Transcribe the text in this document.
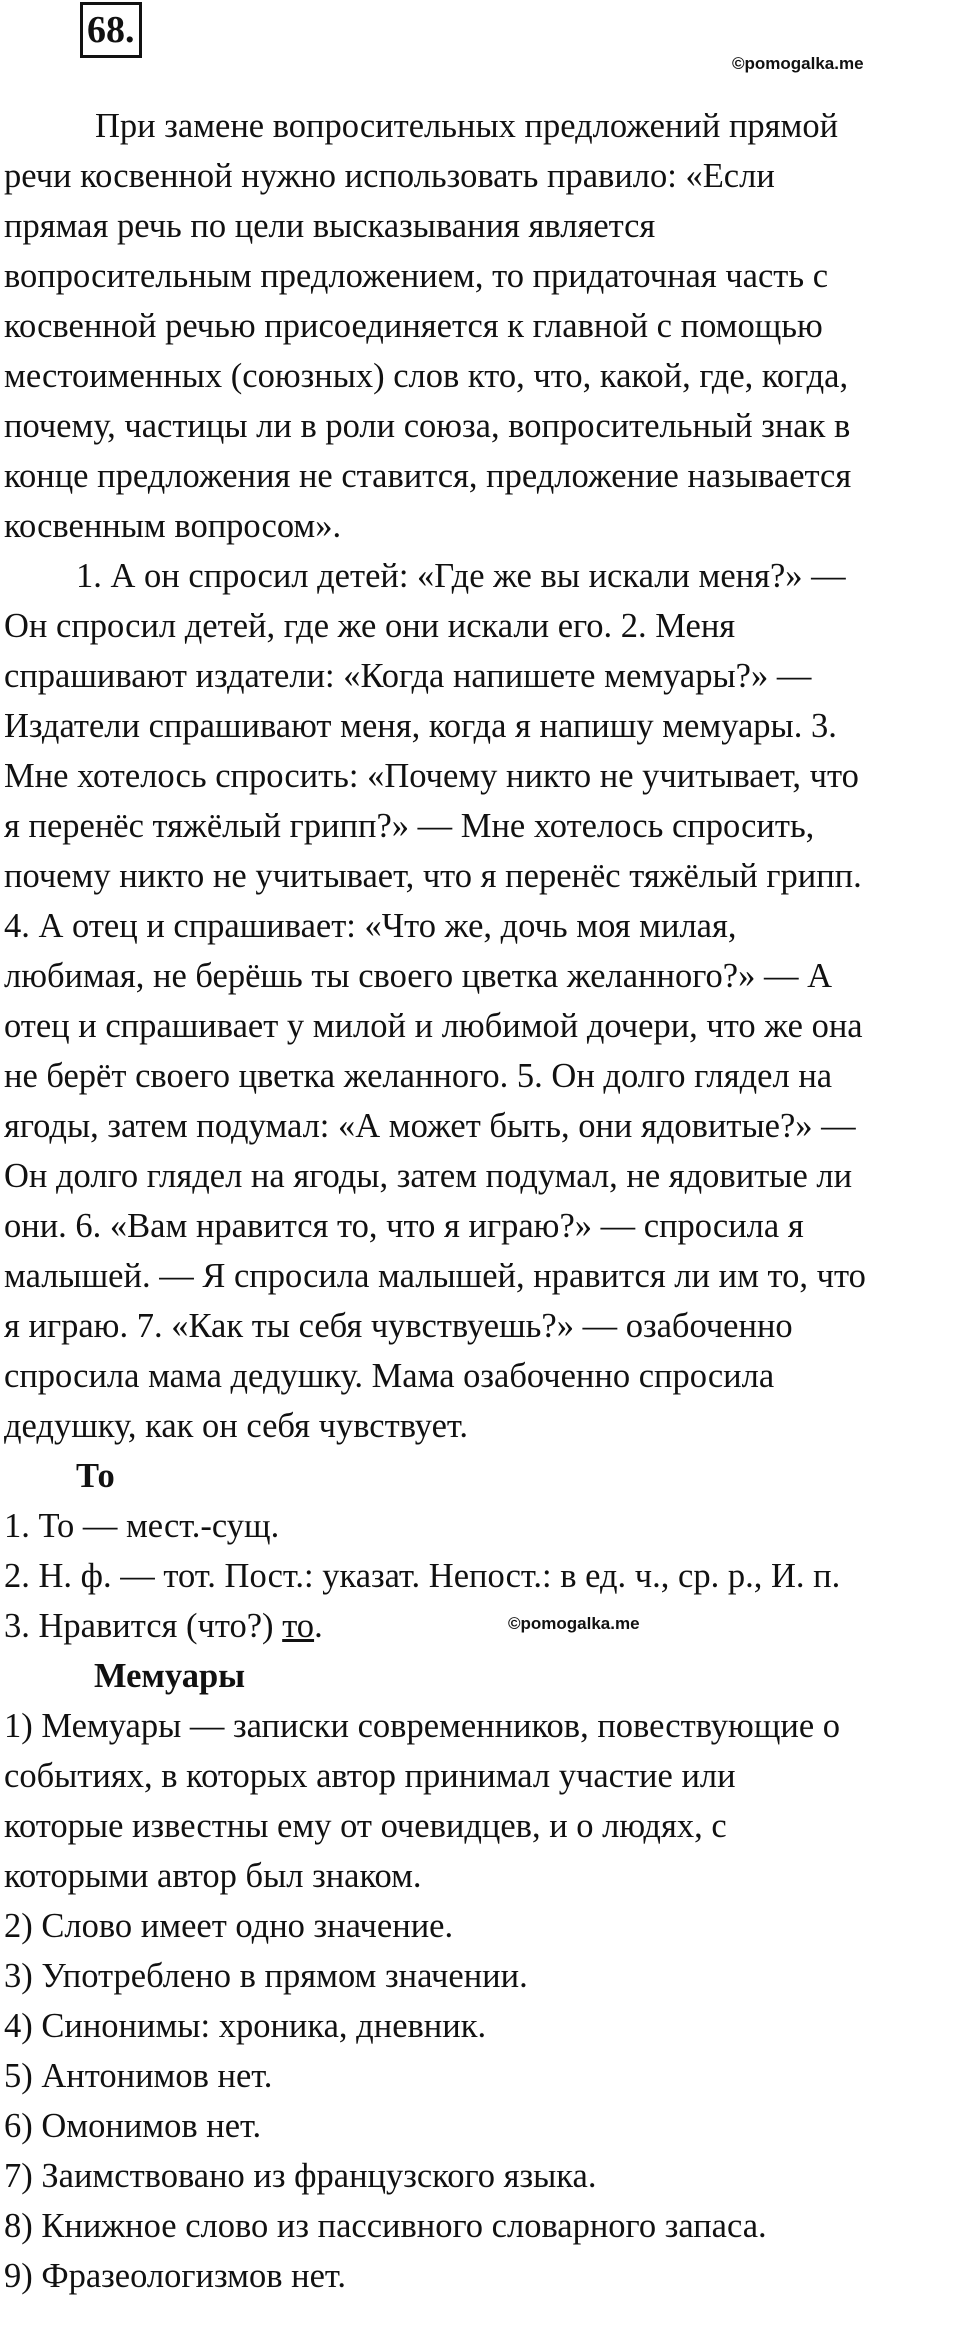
68.
©pomogalka.me
При замене вопросительных предложений прямой
речи косвенной нужно использовать правило: «Если
прямая речь по цели высказывания является
вопросительным предложением, то придаточная часть с
косвенной речью присоединяется к главной с помощью
местоименных (союзных) слов кто, что, какой, где, когда,
почему, частицы ли в роли союза, вопросительный знак в
конце предложения не ставится, предложение называется
косвенным вопросом».
1. А он спросил детей: «Где же вы искали меня?» —
Он спросил детей, где же они искали его. 2. Меня
спрашивают издатели: «Когда напишете мемуары?» —
Издатели спрашивают меня, когда я напишу мемуары. 3.
Мне хотелось спросить: «Почему никто не учитывает, что
я перенёс тяжёлый грипп?» — Мне хотелось спросить,
почему никто не учитывает, что я перенёс тяжёлый грипп.
4. А отец и спрашивает: «Что же, дочь моя милая,
любимая, не берёшь ты своего цветка желанного?» — А
отец и спрашивает у милой и любимой дочери, что же она
не берёт своего цветка желанного. 5. Он долго глядел на
ягоды, затем подумал: «А может быть, они ядовитые?» —
Он долго глядел на ягоды, затем подумал, не ядовитые ли
они. 6. «Вам нравится то, что я играю?» — спросила я
малышей. — Я спросила малышей, нравится ли им то, что
я играю. 7. «Как ты себя чувствуешь?» — озабоченно
спросила мама дедушку. Мама озабоченно спросила
дедушку, как он себя чувствует.
То
1. То — мест.-сущ.
2. Н. ф. — тот. Пост.: указат. Непост.: в ед. ч., ср. р., И. п.
©pomogalka.me
3. Нравится (что?) то.
Мемуары
1) Мемуары — записки современников, повествующие о
событиях, в которых автор принимал участие или
которые известны ему от очевидцев, и о людях, с
которыми автор был знаком.
2) Слово имеет одно значение.
3) Употреблено в прямом значении.
4) Синонимы: хроника, дневник.
5) Антонимов нет.
6) Омонимов нет.
7) Заимствовано из французского языка.
8) Книжное слово из пассивного словарного запаса.
9) Фразеологизмов нет.
